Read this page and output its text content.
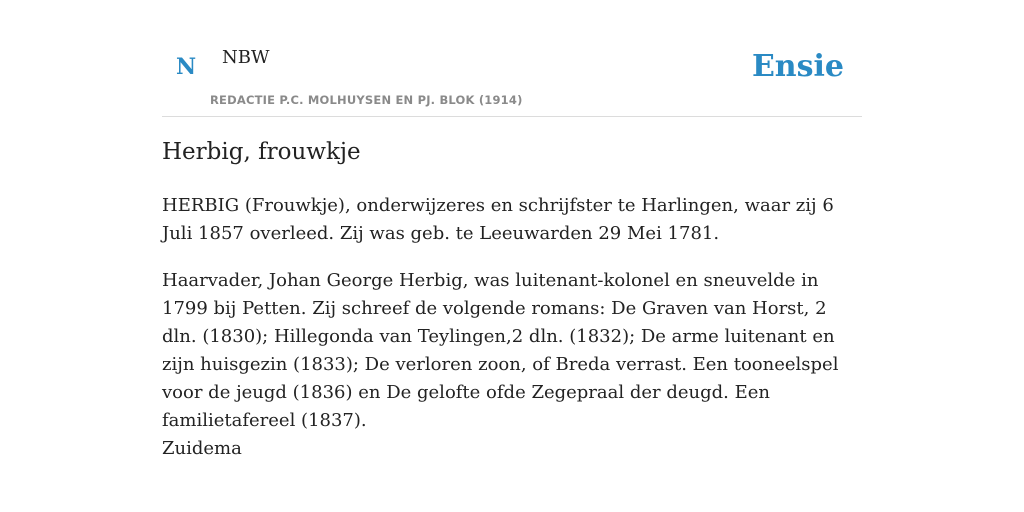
N NBW
REDACTIE P.C. MOLHUYSEN EN PJ. BLOK (1914)
Ensie
Herbig, frouwkje

HERBIG (Frouwkje), onderwijzeres en schrijfster te Harlingen, waar zij 6 Juli 1857 overleed. Zij was geb. te Leeuwarden 29 Mei 1781.

Haarvader, Johan George Herbig, was luitenant-kolonel en sneuvelde in 1799 bij Petten. Zij schreef de volgende romans: De Graven van Horst, 2 dln. (1830); Hillegonda van Teylingen,2 dln. (1832); De arme luitenant en zijn huisgezin (1833); De verloren zoon, of Breda verrast. Een tooneelspel voor de jeugd (1836) en De gelofte ofde Zegepraal der deugd. Een familietafereel (1837).

Zuidema
